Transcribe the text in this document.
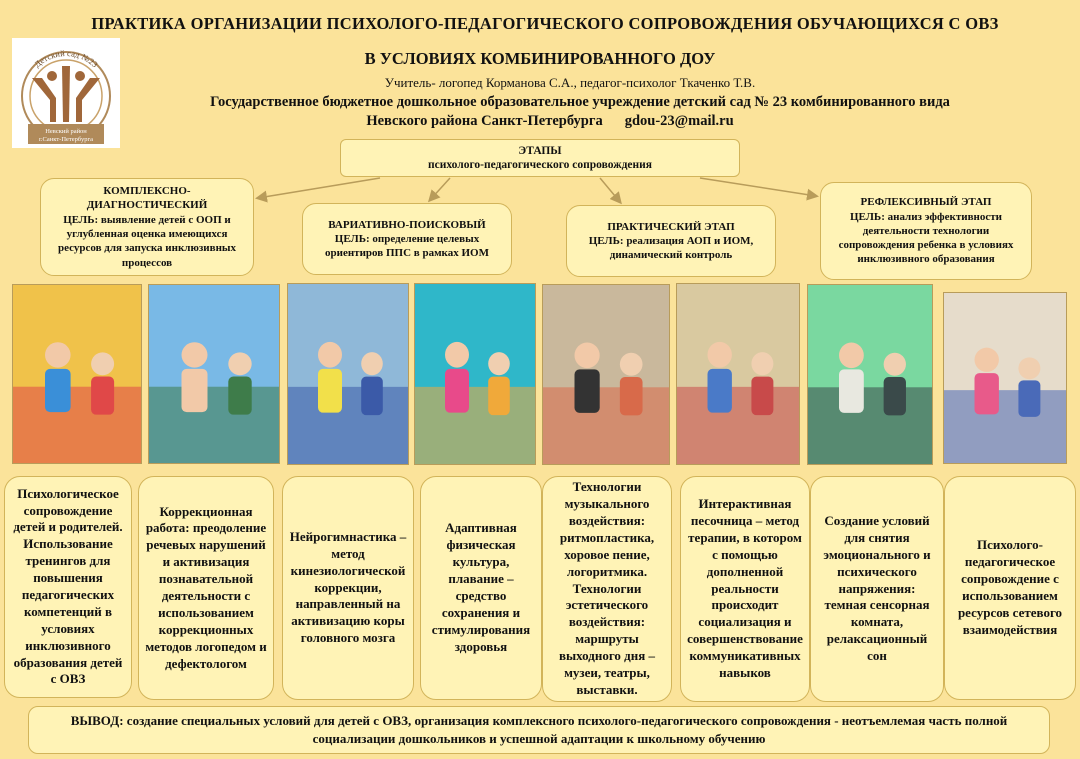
ПРАКТИКА ОРГАНИЗАЦИИ ПСИХОЛОГО-ПЕДАГОГИЧЕСКОГО СОПРОВОЖДЕНИЯ ОБУЧАЮЩИХСЯ С ОВЗ
В УСЛОВИЯХ КОМБИНИРОВАННОГО ДОУ
Учитель- логопед Корманова С.А., педагог-психолог Ткаченко Т.В.
Государственное бюджетное дошкольное образовательное учреждение детский сад № 23 комбинированного вида
Невского района Санкт-Петербурга gdou-23@mail.ru
Детский сад №23
Невский район
г.Санкт-Петербурга
ЭТАПЫ
психолого-педагогического сопровождения
КОМПЛЕКСНО-ДИАГНОСТИЧЕСКИЙ
ЦЕЛЬ: выявление детей с ООП и углубленная оценка имеющихся ресурсов для запуска инклюзивных процессов
ВАРИАТИВНО-ПОИСКОВЫЙ
ЦЕЛЬ: определение целевых ориентиров ППС в рамках ИОМ
ПРАКТИЧЕСКИЙ ЭТАП
ЦЕЛЬ: реализация АОП и ИОМ, динамический контроль
РЕФЛЕКСИВНЫЙ ЭТАП
ЦЕЛЬ: анализ эффективности деятельности технологии сопровождения ребенка в условиях инклюзивного образования
Психологическое сопровождение детей и родителей. Использование тренингов для повышения педагогических компетенций в условиях инклюзивного образования детей с ОВЗ
Коррекционная работа: преодоление речевых нарушений и активизация познавательной деятельности с использованием коррекционных методов логопедом и дефектологом
Нейрогимнастика – метод кинезиологической коррекции, направленный на активизацию коры головного мозга
Адаптивная физическая культура, плавание – средство сохранения и стимулирования здоровья
Технологии музыкального воздействия: ритмопластика, хоровое пение, логоритмика. Технологии эстетического воздействия: маршруты выходного дня – музеи, театры, выставки.
Интерактивная песочница – метод терапии, в котором с помощью дополненной реальности происходит социализация и совершенствование коммуникативных навыков
Создание условий для снятия эмоционального и психического напряжения: темная сенсорная комната, релаксационный сон
Психолого-педагогическое сопровождение с использованием ресурсов сетевого взаимодействия
ВЫВОД: создание специальных условий для детей с ОВЗ, организация комплексного психолого-педагогического сопровождения - неотъемлемая часть полной социализации дошкольников и успешной адаптации к школьному обучению
